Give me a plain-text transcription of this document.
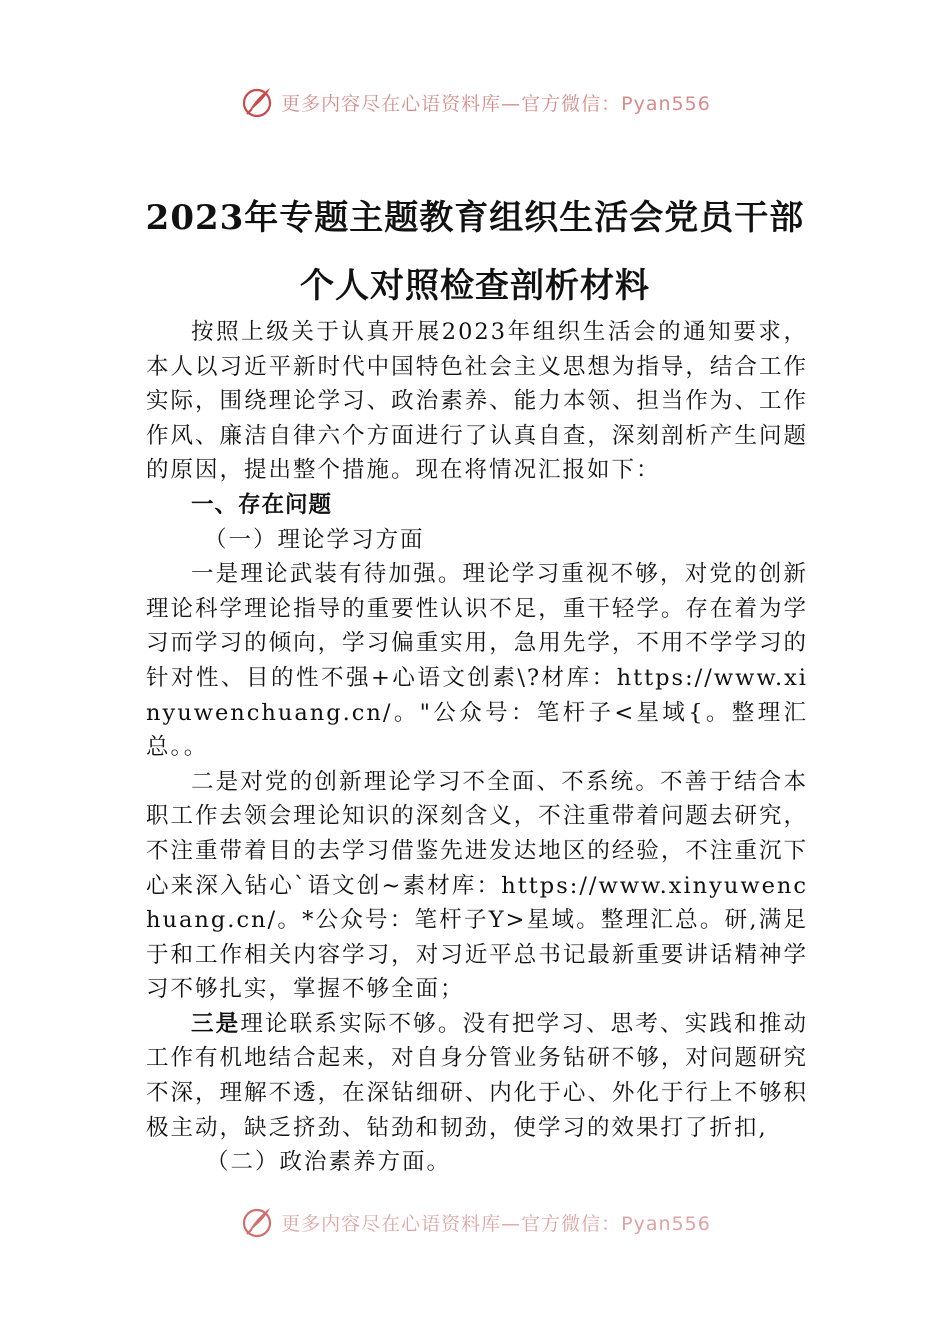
更多内容尽在心语资料库—官方微信：Pyan556
2023年专题主题教育组织生活会党员干部
个人对照检查剖析材料

按照上级关于认真开展2023年组织生活会的通知要求，本人以习近平新时代中国特色社会主义思想为指导，结合工作实际，围绕理论学习、政治素养、能力本领、担当作为、工作作风、廉洁自律六个方面进行了认真自查，深刻剖析产生问题的原因，提出整个措施。现在将情况汇报如下：

一、存在问题

（一）理论学习方面

一是理论武装有待加强。理论学习重视不够，对党的创新理论科学理论指导的重要性认识不足，重干轻学。存在着为学习而学习的倾向，学习偏重实用，急用先学，不用不学学习的针对性、目的性不强+心语文创素\?材库：https://www.xinyuwenchuang.cn/。"公众号：笔杆子<星域{。整理汇总。。

二是对党的创新理论学习不全面、不系统。不善于结合本职工作去领会理论知识的深刻含义，不注重带着问题去研究，不注重带着目的去学习借鉴先进发达地区的经验，不注重沉下心来深入钻心`语文创~素材库：https://www.xinyuwenchuang.cn/。*公众号：笔杆子Y>星域。整理汇总。研,满足于和工作相关内容学习，对习近平总书记最新重要讲话精神学习不够扎实，掌握不够全面；

三是理论联系实际不够。没有把学习、思考、实践和推动工作有机地结合起来，对自身分管业务钻研不够，对问题研究不深，理解不透，在深钻细研、内化于心、外化于行上不够积极主动，缺乏挤劲、钻劲和韧劲，使学习的效果打了折扣,

（二）政治素养方面。

更多内容尽在心语资料库—官方微信：Pyan556
